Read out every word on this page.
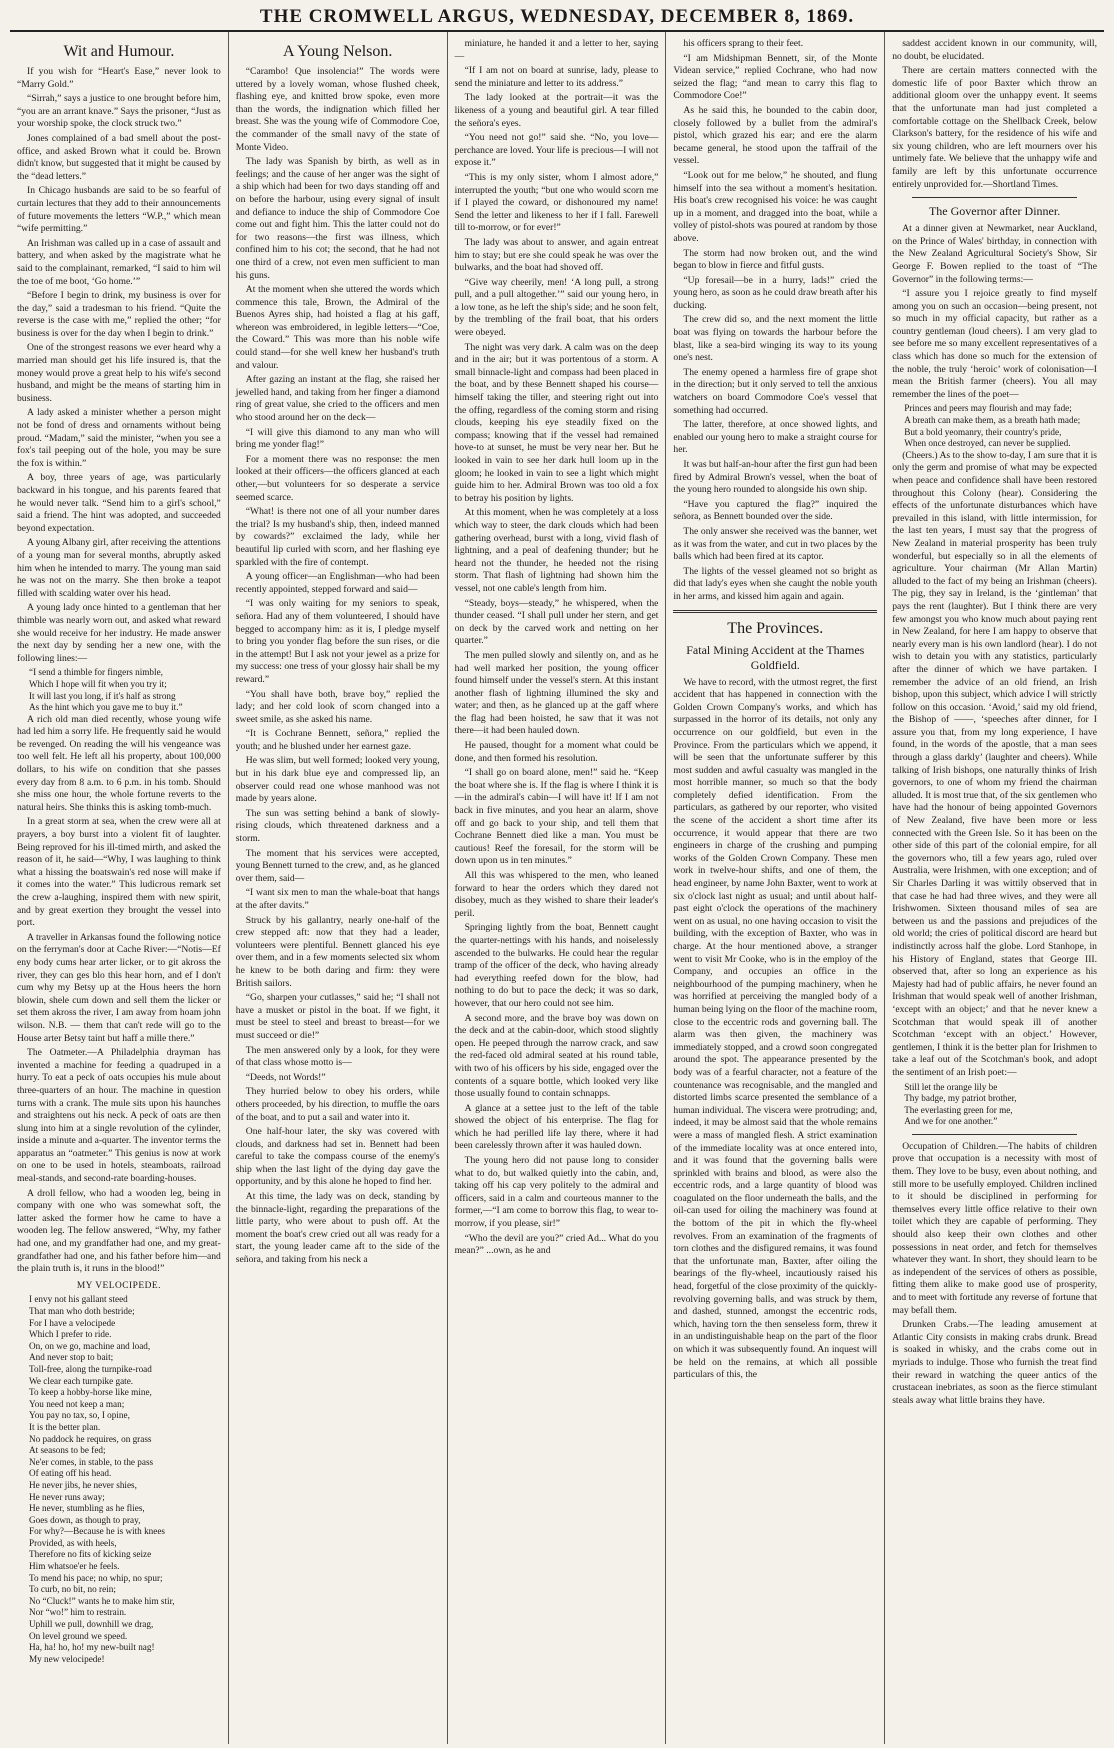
THE CROMWELL ARGUS, WEDNESDAY, DECEMBER 8, 1869.
Wit and Humour.

If you wish for “Heart's Ease,” never look to “Marry Gold.”

“Sirrah,” says a justice to one brought before him, “you are an arrant knave.” Says the prisoner, “Just as your worship spoke, the clock struck two.”

Jones complained of a bad smell about the post-office, and asked Brown what it could be. Brown didn't know, but suggested that it might be caused by the “dead letters.”

In Chicago husbands are said to be so fearful of curtain lectures that they add to their announcements of future movements the letters “W.P.,” which mean “wife permitting.”

An Irishman was called up in a case of assault and battery, and when asked by the magistrate what he said to the complainant, remarked, “I said to him wil the toe of me boot, ‘Go home.’”

“Before I begin to drink, my business is over for the day,” said a tradesman to his friend. “Quite the reverse is the case with me,” replied the other; “for business is over for the day when I begin to drink.”

One of the strongest reasons we ever heard why a married man should get his life insured is, that the money would prove a great help to his wife's second husband, and might be the means of starting him in business.

A lady asked a minister whether a person might not be fond of dress and ornaments without being proud. “Madam,” said the minister, “when you see a fox's tail peeping out of the hole, you may be sure the fox is within.”

A boy, three years of age, was particularly backward in his tongue, and his parents feared that he would never talk. “Send him to a girl's school,” said a friend. The hint was adopted, and succeeded beyond expectation.

A young Albany girl, after receiving the attentions of a young man for several months, abruptly asked him when he intended to marry. The young man said he was not on the marry. She then broke a teapot filled with scalding water over his head.

A young lady once hinted to a gentleman that her thimble was nearly worn out, and asked what reward she would receive for her industry. He made answer the next day by sending her a new one, with the following lines:—

“I send a thimble for fingers nimble,
Which I hope will fit when you try it;
It will last you long, if it's half as strong
As the hint which you gave me to buy it.”

A rich old man died recently, whose young wife had led him a sorry life. He frequently said he would be revenged. On reading the will his vengeance was too well felt. He left all his property, about 100,000 dollars, to his wife on condition that she passes every day from 8 a.m. to 6 p.m. in his tomb. Should she miss one hour, the whole fortune reverts to the natural heirs. She thinks this is asking tomb-much.

In a great storm at sea, when the crew were all at prayers, a boy burst into a violent fit of laughter. Being reproved for his ill-timed mirth, and asked the reason of it, he said—“Why, I was laughing to think what a hissing the boatswain's red nose will make if it comes into the water.” This ludicrous remark set the crew a-laughing, inspired them with new spirit, and by great exertion they brought the vessel into port.

A traveller in Arkansas found the following notice on the ferryman's door at Cache River:—“Notis—Ef eny body cums hear arter licker, or to git akross the river, they can ges blo this hear horn, and ef I don't cum why my Betsy up at the Hous heers the horn blowin, shele cum down and sell them the licker or set them akross the river, I am away from hoam john wilson. N.B. — them that can't rede will go to the House arter Betsy taint but haff a mille there.”

The Oatmeter.—A Philadelphia drayman has invented a machine for feeding a quadruped in a hurry. To eat a peck of oats occupies his mule about three-quarters of an hour. The machine in question turns with a crank. The mule sits upon his haunches and straightens out his neck. A peck of oats are then slung into him at a single revolution of the cylinder, inside a minute and a-quarter. The inventor terms the apparatus an “oatmeter.” This genius is now at work on one to be used in hotels, steamboats, railroad meal-stands, and second-rate boarding-houses.

A droll fellow, who had a wooden leg, being in company with one who was somewhat soft, the latter asked the former how he came to have a wooden leg. The fellow answered, “Why, my father had one, and my grandfather had one, and my great-grandfather had one, and his father before him—and the plain truth is, it runs in the blood!”

MY VELOCIPEDE.
I envy not his gallant steed
That man who doth bestride;
For I have a velocipede
Which I prefer to ride.
On, on we go, machine and load,
And never stop to bait;
Toll-free, along the turnpike-road
We clear each turnpike gate.
To keep a hobby-horse like mine,
You need not keep a man;
You pay no tax, so, I opine,
It is the better plan.
No paddock he requires, on grass
At seasons to be fed;
Ne'er comes, in stable, to the pass
Of eating off his head.
He never jibs, he never shies,
He never runs away;
He never, stumbling as he flies,
Goes down, as though to pray,
For why?—Because he is with knees
Provided, as with heels,
Therefore no fits of kicking seize
Him whatsoe'er he feels.
To mend his pace; no whip, no spur;
To curb, no bit, no rein;
No “Cluck!” wants he to make him stir,
Nor “wo!” him to restrain.
Uphill we pull, downhill we drag,
On level ground we speed.
Ha, ha! ho, ho! my new-built nag!
My new velocipede!
A Young Nelson.

“Carambo! Que insolencia!” The words were uttered by a lovely woman, whose flushed cheek, flashing eye, and knitted brow spoke, even more than the words, the indignation which filled her breast. She was the young wife of Commodore Coe, the commander of the small navy of the state of Monte Video.

The lady was Spanish by birth, as well as in feelings; and the cause of her anger was the sight of a ship which had been for two days standing off and on before the harbour, using every signal of insult and defiance to induce the ship of Commodore Coe come out and fight him. This the latter could not do for two reasons—the first was illness, which confined him to his cot; the second, that he had not one third of a crew, not even men sufficient to man his guns.

At the moment when she uttered the words which commence this tale, Brown, the Admiral of the Buenos Ayres ship, had hoisted a flag at his gaff, whereon was embroidered, in legible letters—“Coe, the Coward.” This was more than his noble wife could stand—for she well knew her husband's truth and valour.

After gazing an instant at the flag, she raised her jewelled hand, and taking from her finger a diamond ring of great value, she cried to the officers and men who stood around her on the deck—

“I will give this diamond to any man who will bring me yonder flag!”

For a moment there was no response: the men looked at their officers—the officers glanced at each other,—but volunteers for so desperate a service seemed scarce.

“What! is there not one of all your number dares the trial? Is my husband's ship, then, indeed manned by cowards?” exclaimed the lady, while her beautiful lip curled with scorn, and her flashing eye sparkled with the fire of contempt.

A young officer—an Englishman—who had been recently appointed, stepped forward and said—

“I was only waiting for my seniors to speak, señora. Had any of them volunteered, I should have begged to accompany him: as it is, I pledge myself to bring you yonder flag before the sun rises, or die in the attempt! But I ask not your jewel as a prize for my success: one tress of your glossy hair shall be my reward.”

“You shall have both, brave boy,” replied the lady; and her cold look of scorn changed into a sweet smile, as she asked his name.

“It is Cochrane Bennett, señora,” replied the youth; and he blushed under her earnest gaze.

He was slim, but well formed; looked very young, but in his dark blue eye and compressed lip, an observer could read one whose manhood was not made by years alone.

The sun was setting behind a bank of slowly-rising clouds, which threatened darkness and a storm.

The moment that his services were accepted, young Bennett turned to the crew, and, as he glanced over them, said—

“I want six men to man the whale-boat that hangs at the after davits.”

Struck by his gallantry, nearly one-half of the crew stepped aft: now that they had a leader, volunteers were plentiful. Bennett glanced his eye over them, and in a few moments selected six whom he knew to be both daring and firm: they were British sailors.

“Go, sharpen your cutlasses,” said he; “I shall not have a musket or pistol in the boat. If we fight, it must be steel to steel and breast to breast—for we must succeed or die!”

The men answered only by a look, for they were of that class whose motto is—

“Deeds, not Words!”

They hurried below to obey his orders, while others proceeded, by his direction, to muffle the oars of the boat, and to put a sail and water into it.

One half-hour later, the sky was covered with clouds, and darkness had set in. Bennett had been careful to take the compass course of the enemy's ship when the last light of the dying day gave the opportunity, and by this alone he hoped to find her.

At this time, the lady was on deck, standing by the binnacle-light, regarding the preparations of the little party, who were about to push off. At the moment the boat's crew cried out all was ready for a start, the young leader came aft to the side of the señora, and taking from his neck a

miniature, he handed it and a letter to her, saying—

“If I am not on board at sunrise, lady, please to send the miniature and letter to its address.”

The lady looked at the portrait—it was the likeness of a young and beautiful girl. A tear filled the señora's eyes.

“You need not go!” said she. “No, you love—perchance are loved. Your life is precious—I will not expose it.”

“This is my only sister, whom I almost adore,” interrupted the youth; “but one who would scorn me if I played the coward, or dishonoured my name! Send the letter and likeness to her if I fall. Farewell till to-morrow, or for ever!”

The lady was about to answer, and again entreat him to stay; but ere she could speak he was over the bulwarks, and the boat had shoved off.

“Give way cheerily, men! ‘A long pull, a strong pull, and a pull altogether.’” said our young hero, in a low tone, as he left the ship's side; and he soon felt, by the trembling of the frail boat, that his orders were obeyed.

The night was very dark. A calm was on the deep and in the air; but it was portentous of a storm. A small binnacle-light and compass had been placed in the boat, and by these Bennett shaped his course—himself taking the tiller, and steering right out into the offing, regardless of the coming storm and rising clouds, keeping his eye steadily fixed on the compass; knowing that if the vessel had remained hove-to at sunset, he must be very near her. But he looked in vain to see her dark hull loom up in the gloom; he looked in vain to see a light which might guide him to her. Admiral Brown was too old a fox to betray his position by lights.

At this moment, when he was completely at a loss which way to steer, the dark clouds which had been gathering overhead, burst with a long, vivid flash of lightning, and a peal of deafening thunder; but he heard not the thunder, he heeded not the rising storm. That flash of lightning had shown him the vessel, not one cable's length from him.

“Steady, boys—steady,” he whispered, when the thunder ceased. “I shall pull under her stern, and get on deck by the carved work and netting on her quarter.”

The men pulled slowly and silently on, and as he had well marked her position, the young officer found himself under the vessel's stern. At this instant another flash of lightning illumined the sky and water; and then, as he glanced up at the gaff where the flag had been hoisted, he saw that it was not there—it had been hauled down.

He paused, thought for a moment what could be done, and then formed his resolution.

“I shall go on board alone, men!” said he. “Keep the boat where she is. If the flag is where I think it is—in the admiral's cabin—I will have it! If I am not back in five minutes, and you hear an alarm, shove off and go back to your ship, and tell them that Cochrane Bennett died like a man. You must be cautious! Reef the foresail, for the storm will be down upon us in ten minutes.”

All this was whispered to the men, who leaned forward to hear the orders which they dared not disobey, much as they wished to share their leader's peril.

Springing lightly from the boat, Bennett caught the quarter-nettings with his hands, and noiselessly ascended to the bulwarks. He could hear the regular tramp of the officer of the deck, who having already had everything reefed down for the blow, had nothing to do but to pace the deck; it was so dark, however, that our hero could not see him.

A second more, and the brave boy was down on the deck and at the cabin-door, which stood slightly open. He peeped through the narrow crack, and saw the red-faced old admiral seated at his round table, with two of his officers by his side, engaged over the contents of a square bottle, which looked very like those usually found to contain schnapps.

A glance at a settee just to the left of the table showed the object of his enterprise. The flag for which he had perilled life lay there, where it had been carelessly thrown after it was hauled down.

The young hero did not pause long to consider what to do, but walked quietly into the cabin, and, taking off his cap very politely to the admiral and officers, said in a calm and courteous manner to the former,—“I am come to borrow this flag, to wear to-morrow, if you please, sir!”

“Who the devil are you?” cried Ad... What do you mean?” ...own, as he and

his officers sprang to their feet.

“I am Midshipman Bennett, sir, of the Monte Videan service,” replied Cochrane, who had now seized the flag; “and mean to carry this flag to Commodore Coe!”

As he said this, he bounded to the cabin door, closely followed by a bullet from the admiral's pistol, which grazed his ear; and ere the alarm became general, he stood upon the taffrail of the vessel.

“Look out for me below,” he shouted, and flung himself into the sea without a moment's hesitation. His boat's crew recognised his voice: he was caught up in a moment, and dragged into the boat, while a volley of pistol-shots was poured at random by those above.

The storm had now broken out, and the wind began to blow in fierce and fitful gusts.

“Up foresail—be in a hurry, lads!” cried the young hero, as soon as he could draw breath after his ducking.

The crew did so, and the next moment the little boat was flying on towards the harbour before the blast, like a sea-bird winging its way to its young one's nest.

The enemy opened a harmless fire of grape shot in the direction; but it only served to tell the anxious watchers on board Commodore Coe's vessel that something had occurred.

The latter, therefore, at once showed lights, and enabled our young hero to make a straight course for her.

It was but half-an-hour after the first gun had been fired by Admiral Brown's vessel, when the boat of the young hero rounded to alongside his own ship.

“Have you captured the flag?” inquired the señora, as Bennett bounded over the side.

The only answer she received was the banner, wet as it was from the water, and cut in two places by the balls which had been fired at its captor.

The lights of the vessel gleamed not so bright as did that lady's eyes when she caught the noble youth in her arms, and kissed him again and again.

The Provinces.
Fatal Mining Accident at the Thames Goldfield.

We have to record, with the utmost regret, the first accident that has happened in connection with the Golden Crown Company's works, and which has surpassed in the horror of its details, not only any occurrence on our goldfield, but even in the Province. From the particulars which we append, it will be seen that the unfortunate sufferer by this most sudden and awful casualty was mangled in the most horrible manner, so much so that the body completely defied identification. From the particulars, as gathered by our reporter, who visited the scene of the accident a short time after its occurrence, it would appear that there are two engineers in charge of the crushing and pumping works of the Golden Crown Company. These men work in twelve-hour shifts, and one of them, the head engineer, by name John Baxter, went to work at six o'clock last night as usual; and until about half-past eight o'clock the operations of the machinery went on as usual, no one having occasion to visit the building, with the exception of Baxter, who was in charge. At the hour mentioned above, a stranger went to visit Mr Cooke, who is in the employ of the Company, and occupies an office in the neighbourhood of the pumping machinery, when he was horrified at perceiving the mangled body of a human being lying on the floor of the machine room, close to the eccentric rods and governing ball. The alarm was then given, the machinery was immediately stopped, and a crowd soon congregated around the spot. The appearance presented by the body was of a fearful character, not a feature of the countenance was recognisable, and the mangled and distorted limbs scarce presented the semblance of a human individual. The viscera were protruding; and, indeed, it may be almost said that the whole remains were a mass of mangled flesh. A strict examination of the immediate locality was at once entered into, and it was found that the governing balls were sprinkled with brains and blood, as were also the eccentric rods, and a large quantity of blood was coagulated on the floor underneath the balls, and the oil-can used for oiling the machinery was found at the bottom of the pit in which the fly-wheel revolves. From an examination of the fragments of torn clothes and the disfigured remains, it was found that the unfortunate man, Baxter, after oiling the bearings of the fly-wheel, incautiously raised his head, forgetful of the close proximity of the quickly-revolving governing balls, and was struck by them, and dashed, stunned, amongst the eccentric rods, which, having torn the then senseless form, threw it in an undistinguishable heap on the part of the floor on which it was subsequently found. An inquest will be held on the remains, at which all possible particulars of this, the

saddest accident known in our community, will, no doubt, be elucidated.

There are certain matters connected with the domestic life of poor Baxter which throw an additional gloom over the unhappy event. It seems that the unfortunate man had just completed a comfortable cottage on the Shellback Creek, below Clarkson's battery, for the residence of his wife and six young children, who are left mourners over his untimely fate. We believe that the unhappy wife and family are left by this unfortunate occurrence entirely unprovided for.—Shortland Times.

The Governor after Dinner.

At a dinner given at Newmarket, near Auckland, on the Prince of Wales' birthday, in connection with the New Zealand Agricultural Society's Show, Sir George F. Bowen replied to the toast of “The Governor” in the following terms:—

“I assure you I rejoice greatly to find myself among you on such an occasion—being present, not so much in my official capacity, but rather as a country gentleman (loud cheers). I am very glad to see before me so many excellent representatives of a class which has done so much for the extension of the noble, the truly ‘heroic’ work of colonisation—I mean the British farmer (cheers). You all may remember the lines of the poet—

Princes and peers may flourish and may fade;
A breath can make them, as a breath hath made;
But a bold yeomanry, their country's pride,
When once destroyed, can never be supplied.

(Cheers.) As to the show to-day, I am sure that it is only the germ and promise of what may be expected when peace and confidence shall have been restored throughout this Colony (hear). Considering the effects of the unfortunate disturbances which have prevailed in this island, with little intermission, for the last ten years, I must say that the progress of New Zealand in material prosperity has been truly wonderful, but especially so in all the elements of agriculture. Your chairman (Mr Allan Martin) alluded to the fact of my being an Irishman (cheers). The pig, they say in Ireland, is the ‘gintleman’ that pays the rent (laughter). But I think there are very few amongst you who know much about paying rent in New Zealand, for here I am happy to observe that nearly every man is his own landlord (hear). I do not wish to detain you with any statistics, particularly after the dinner of which we have partaken. I remember the advice of an old friend, an Irish bishop, upon this subject, which advice I will strictly follow on this occasion. ‘Avoid,’ said my old friend, the Bishop of ——, ‘speeches after dinner, for I assure you that, from my long experience, I have found, in the words of the apostle, that a man sees through a glass darkly’ (laughter and cheers). While talking of Irish bishops, one naturally thinks of Irish governors, to one of whom my friend the chairman alluded. It is most true that, of the six gentlemen who have had the honour of being appointed Governors of New Zealand, five have been more or less connected with the Green Isle. So it has been on the other side of this part of the colonial empire, for all the governors who, till a few years ago, ruled over Australia, were Irishmen, with one exception; and of Sir Charles Darling it was wittily observed that in that case he had had three wives, and they were all Irishwomen. Sixteen thousand miles of sea are between us and the passions and prejudices of the old world; the cries of political discord are heard but indistinctly across half the globe. Lord Stanhope, in his History of England, states that George III. observed that, after so long an experience as his Majesty had had of public affairs, he never found an Irishman that would speak well of another Irishman, ‘except with an object;’ and that he never knew a Scotchman that would speak ill of another Scotchman ‘except with an object.’ However, gentlemen, I think it is the better plan for Irishmen to take a leaf out of the Scotchman's book, and adopt the sentiment of an Irish poet:—

Still let the orange lily be
Thy badge, my patriot brother,
The everlasting green for me,
And we for one another.”

Occupation of Children.—The habits of children prove that occupation is a necessity with most of them. They love to be busy, even about nothing, and still more to be usefully employed. Children inclined to it should be disciplined in performing for themselves every little office relative to their own toilet which they are capable of performing. They should also keep their own clothes and other possessions in neat order, and fetch for themselves whatever they want. In short, they should learn to be as independent of the services of others as possible, fitting them alike to make good use of prosperity, and to meet with fortitude any reverse of fortune that may befall them.

Drunken Crabs.—The leading amusement at Atlantic City consists in making crabs drunk. Bread is soaked in whisky, and the crabs come out in myriads to indulge. Those who furnish the treat find their reward in watching the queer antics of the crustacean inebriates, as soon as the fierce stimulant steals away what little brains they have.
